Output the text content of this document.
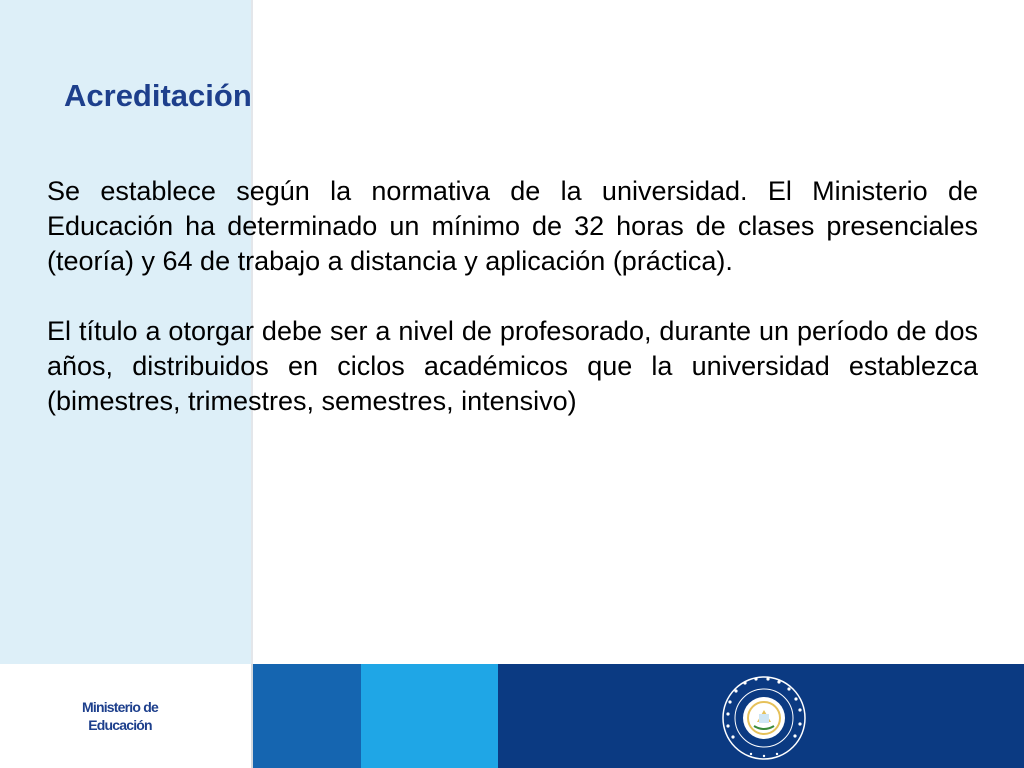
Acreditación

Se establece según la normativa de la universidad. El Ministerio de Educación ha determinado un mínimo de 32 horas de clases presenciales (teoría) y 64 de trabajo a distancia y aplicación (práctica).

El título a otorgar debe ser a nivel de profesorado, durante un período de dos años, distribuidos en ciclos académicos que la universidad establezca (bimestres, trimestres, semestres, intensivo)

Ministerio de
Educación
